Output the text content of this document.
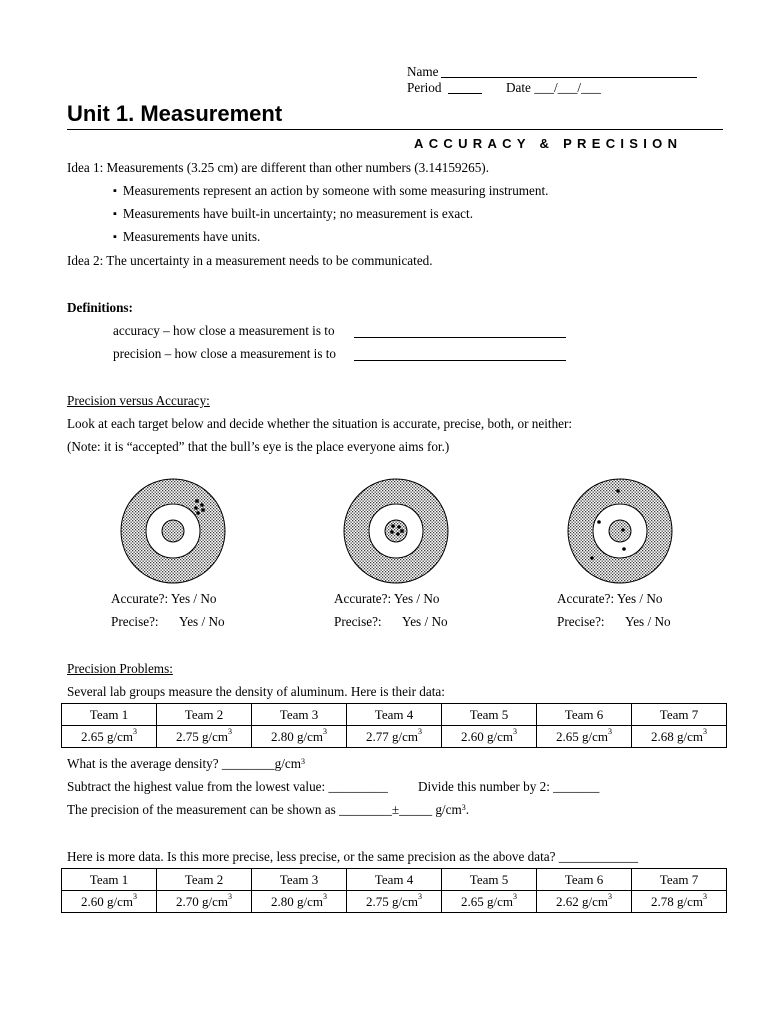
Name
Period	Date ___/___/___
Unit 1. Measurement
ACCURACY & PRECISION
Idea 1: Measurements (3.25 cm) are different than other numbers (3.14159265).
▪ Measurements represent an action by someone with some measuring instrument.
▪ Measurements have built-in uncertainty; no measurement is exact.
▪ Measurements have units.
Idea 2: The uncertainty in a measurement needs to be communicated.
Definitions:
accuracy – how close a measurement is to
precision – how close a measurement is to
Precision versus Accuracy:
Look at each target below and decide whether the situation is accurate, precise, both, or neither:
(Note: it is “accepted” that the bull’s eye is the place everyone aims for.)
Accurate?: Yes / No	Accurate?: Yes / No	Accurate?: Yes / No
Precise?: Yes / No	Precise?: Yes / No	Precise?: Yes / No
Precision Problems:
Several lab groups measure the density of aluminum. Here is their data:
Team 1	Team 2	Team 3	Team 4	Team 5	Team 6	Team 7
2.65 $g/cm^3$	2.75 $g/cm^3$	2.80 $g/cm^3$	2.77 $g/cm^3$	2.60 $g/cm^3$	2.65 $g/cm^3$	2.68 $g/cm^3$
What is the average density? $\_\_\_\_\_\_\_\_g/cm^3$
Subtract the highest value from the lowest value: _________ Divide this number by 2: _______
The precision of the measurement can be shown as ________±_____ $g/cm^3$.
Here is more data. Is this more precise, less precise, or the same precision as the above data? ____________
Team 1	Team 2	Team 3	Team 4	Team 5	Team 6	Team 7
2.60 $g/cm^3$	2.70 $g/cm^3$	2.80 $g/cm^3$	2.75 $g/cm^3$	2.65 $g/cm^3$	2.62 $g/cm^3$	2.78 $g/cm^3$
